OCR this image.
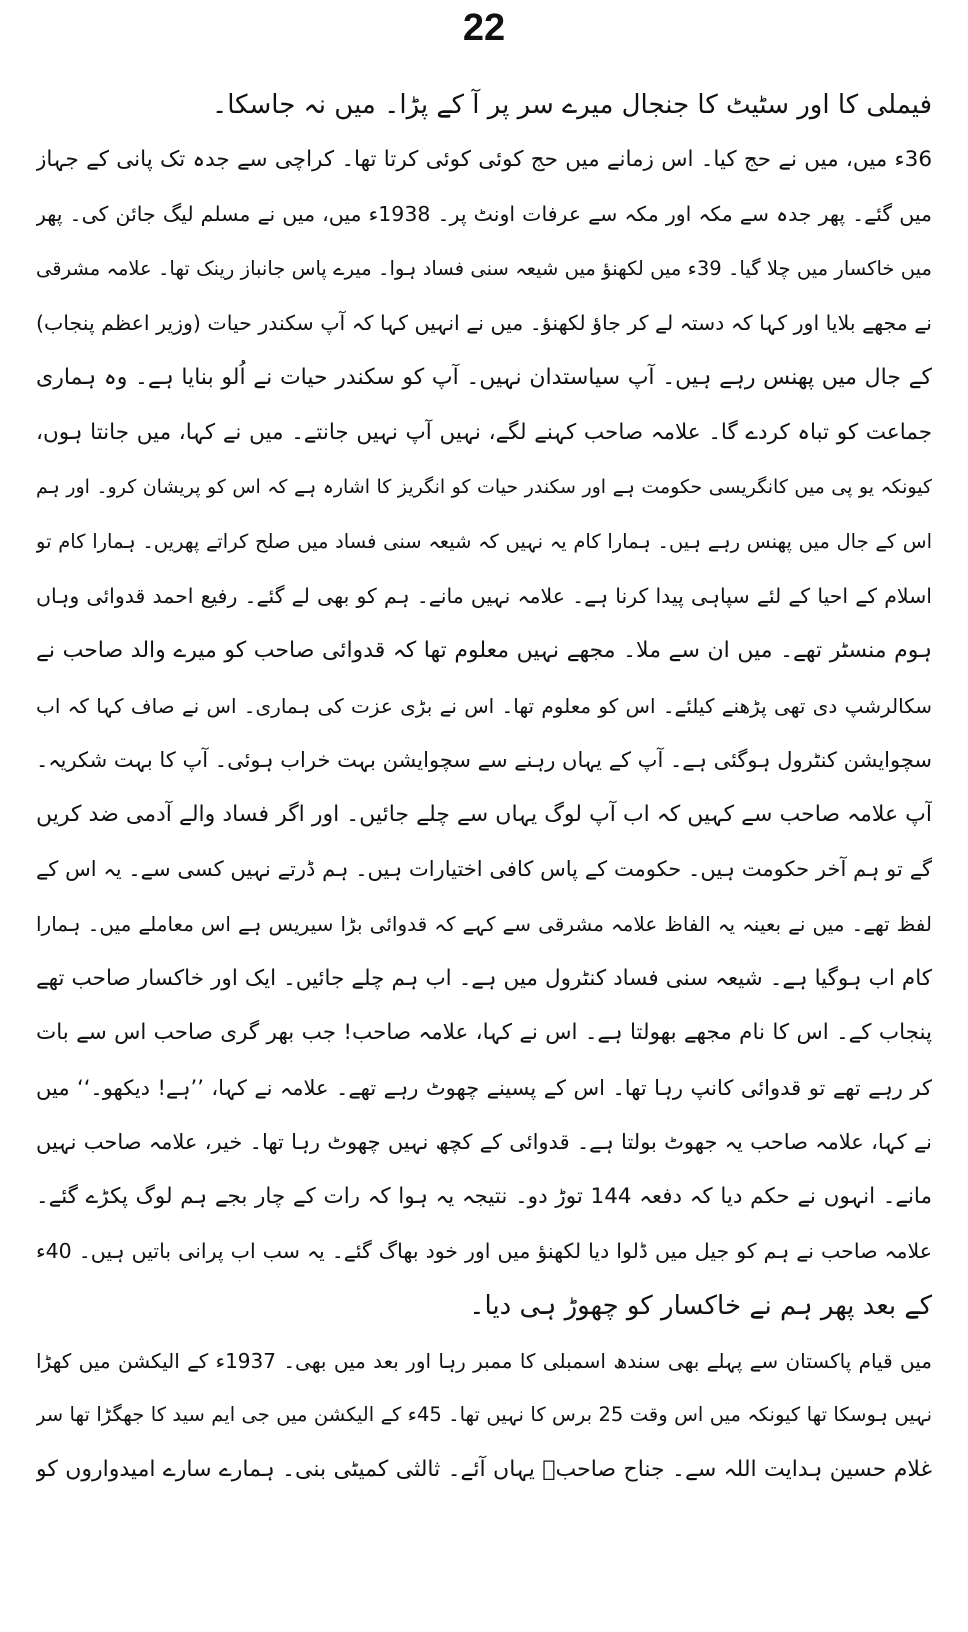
22
فیملی کا اور سٹیٹ کا جنجال میرے سر پر آ کے پڑا۔ میں نہ جاسکا۔
36ء میں، میں نے حج کیا۔ اس زمانے میں حج کوئی کوئی کرتا تھا۔ کراچی سے جدہ تک پانی کے جہاز
میں گئے۔ پھر جدہ سے مکہ اور مکہ سے عرفات اونٹ پر۔ 1938ء میں، میں نے مسلم لیگ جائن کی۔ پھر
میں خاکسار میں چلا گیا۔ 39ء میں لکھنؤ میں شیعہ سنی فساد ہوا۔ میرے پاس جانباز رینک تھا۔ علامہ مشرقی
نے مجھے بلایا اور کہا کہ دستہ لے کر جاؤ لکھنؤ۔ میں نے انہیں کہا کہ آپ سکندر حیات (وزیر اعظم پنجاب)
کے جال میں پھنس رہے ہیں۔ آپ سیاستدان نہیں۔ آپ کو سکندر حیات نے اُلو بنایا ہے۔ وہ ہماری
جماعت کو تباہ کردے گا۔ علامہ صاحب کہنے لگے، نہیں آپ نہیں جانتے۔ میں نے کہا، میں جانتا ہوں،
کیونکہ یو پی میں کانگریسی حکومت ہے اور سکندر حیات کو انگریز کا اشارہ ہے کہ اس کو پریشان کرو۔ اور ہم
اس کے جال میں پھنس رہے ہیں۔ ہمارا کام یہ نہیں کہ شیعہ سنی فساد میں صلح کراتے پھریں۔ ہمارا کام تو
اسلام کے احیا کے لئے سپاہی پیدا کرنا ہے۔ علامہ نہیں مانے۔ ہم کو بھی لے گئے۔ رفیع احمد قدوائی وہاں
ہوم منسٹر تھے۔ میں ان سے ملا۔ مجھے نہیں معلوم تھا کہ قدوائی صاحب کو میرے والد صاحب نے
سکالرشپ دی تھی پڑھنے کیلئے۔ اس کو معلوم تھا۔ اس نے بڑی عزت کی ہماری۔ اس نے صاف کہا کہ اب
سچوایشن کنٹرول ہوگئی ہے۔ آپ کے یہاں رہنے سے سچوایشن بہت خراب ہوئی۔ آپ کا بہت شکریہ۔
آپ علامہ صاحب سے کہیں کہ اب آپ لوگ یہاں سے چلے جائیں۔ اور اگر فساد والے آدمی ضد کریں
گے تو ہم آخر حکومت ہیں۔ حکومت کے پاس کافی اختیارات ہیں۔ ہم ڈرتے نہیں کسی سے۔ یہ اس کے
لفظ تھے۔ میں نے بعینہ یہ الفاظ علامہ مشرقی سے کہے کہ قدوائی بڑا سیریس ہے اس معاملے میں۔ ہمارا
کام اب ہوگیا ہے۔ شیعہ سنی فساد کنٹرول میں ہے۔ اب ہم چلے جائیں۔ ایک اور خاکسار صاحب تھے
پنجاب کے۔ اس کا نام مجھے بھولتا ہے۔ اس نے کہا، علامہ صاحب! جب بھر گری صاحب اس سے بات
کر رہے تھے تو قدوائی کانپ رہا تھا۔ اس کے پسینے چھوٹ رہے تھے۔ علامہ نے کہا، ’’ہے! دیکھو۔‘‘ میں
نے کہا، علامہ صاحب یہ جھوٹ بولتا ہے۔ قدوائی کے کچھ نہیں چھوٹ رہا تھا۔ خیر، علامہ صاحب نہیں
مانے۔ انہوں نے حکم دیا کہ دفعہ 144 توڑ دو۔ نتیجہ یہ ہوا کہ رات کے چار بجے ہم لوگ پکڑے گئے۔
علامہ صاحب نے ہم کو جیل میں ڈلوا دیا لکھنؤ میں اور خود بھاگ گئے۔ یہ سب اب پرانی باتیں ہیں۔ 40ء
کے بعد پھر ہم نے خاکسار کو چھوڑ ہی دیا۔
میں قیام پاکستان سے پہلے بھی سندھ اسمبلی کا ممبر رہا اور بعد میں بھی۔ 1937ء کے الیکشن میں کھڑا
نہیں ہوسکا تھا کیونکہ میں اس وقت 25 برس کا نہیں تھا۔ 45ء کے الیکشن میں جی ایم سید کا جھگڑا تھا سر
غلام حسین ہدایت اللہ سے۔ جناح صاحبؒ یہاں آئے۔ ثالثی کمیٹی بنی۔ ہمارے سارے امیدواروں کو
